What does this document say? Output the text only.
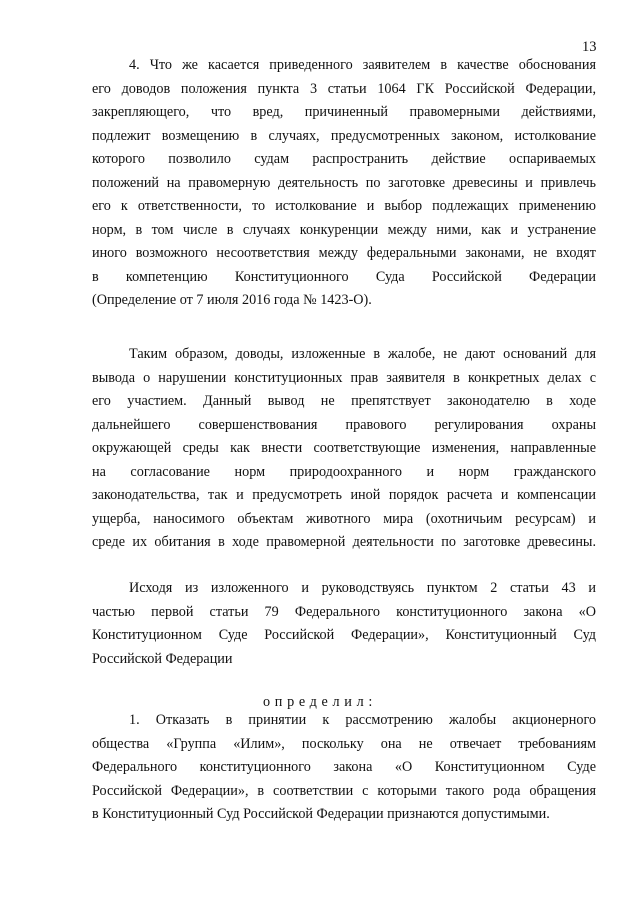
13
4. Что же касается приведенного заявителем в качестве обоснования
его доводов положения пункта 3 статьи 1064 ГК Российской Федерации,
закрепляющего, что вред, причиненный правомерными действиями,
подлежит возмещению в случаях, предусмотренных законом, истолкование
которого позволило судам распространить действие оспариваемых
положений на правомерную деятельность по заготовке древесины и привлечь
его к ответственности, то истолкование и выбор подлежащих применению
норм, в том числе в случаях конкуренции между ними, как и устранение
иного возможного несоответствия между федеральными законами, не входят
в компетенцию Конституционного Суда Российской Федерации
(Определение от 7 июля 2016 года № 1423-О).
Таким образом, доводы, изложенные в жалобе, не дают оснований для
вывода о нарушении конституционных прав заявителя в конкретных делах с
его участием. Данный вывод не препятствует законодателю в ходе
дальнейшего совершенствования правового регулирования охраны
окружающей среды как внести соответствующие изменения, направленные
на согласование норм природоохранного и норм гражданского
законодательства, так и предусмотреть иной порядок расчета и компенсации
ущерба, наносимого объектам животного мира (охотничьим ресурсам) и
среде их обитания в ходе правомерной деятельности по заготовке древесины.
Исходя из изложенного и руководствуясь пунктом 2 статьи 43 и
частью первой статьи 79 Федерального конституционного закона «О
Конституционном Суде Российской Федерации», Конституционный Суд
Российской Федерации
определил:
1. Отказать в принятии к рассмотрению жалобы акционерного
общества «Группа «Илим», поскольку она не отвечает требованиям
Федерального конституционного закона «О Конституционном Суде
Российской Федерации», в соответствии с которыми такого рода обращения
в Конституционный Суд Российской Федерации признаются допустимыми.
